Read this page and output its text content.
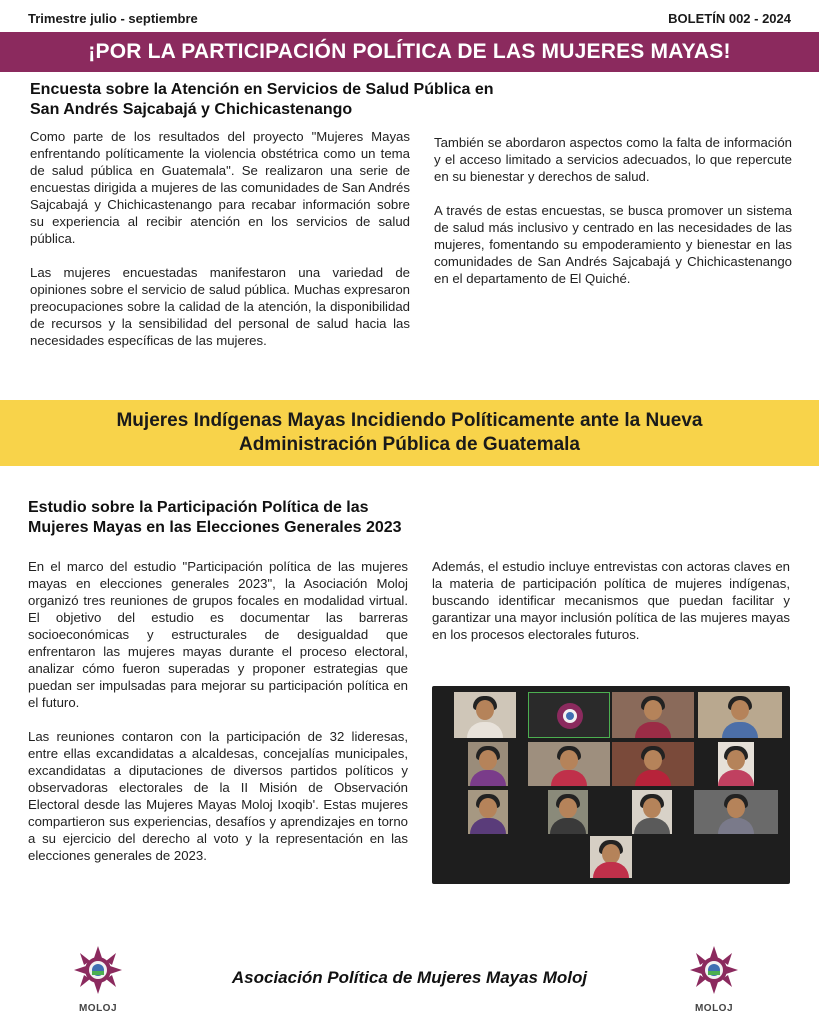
Trimestre julio - septiembre	BOLETÍN 002 - 2024
¡POR LA PARTICIPACIÓN POLÍTICA DE LAS MUJERES MAYAS!
Encuesta sobre la Atención en Servicios de Salud Pública en
San Andrés Sajcabajá y Chichicastenango

Como parte de los resultados del proyecto "Mujeres Mayas enfrentando políticamente la violencia obstétrica como un tema de salud pública en Guatemala". Se realizaron una serie de encuestas dirigida a mujeres de las comunidades de San Andrés Sajcabajá y Chichicastenango para recabar información sobre su experiencia al recibir atención en los servicios de salud pública.

Las mujeres encuestadas manifestaron una variedad de opiniones sobre el servicio de salud pública. Muchas expresaron preocupaciones sobre la calidad de la atención, la disponibilidad de recursos y la sensibilidad del personal de salud hacia las necesidades específicas de las mujeres.

También se abordaron aspectos como la falta de información y el acceso limitado a servicios adecuados, lo que repercute en su bienestar y derechos de salud.

A través de estas encuestas, se busca promover un sistema de salud más inclusivo y centrado en las necesidades de las mujeres, fomentando su empoderamiento y bienestar en las comunidades de San Andrés Sajcabajá y Chichicastenango en el departamento de El Quiché.

Mujeres Indígenas Mayas Incidiendo Políticamente ante la Nueva
Administración Pública de Guatemala
Estudio sobre la Participación Política de las
Mujeres Mayas en las Elecciones Generales 2023

En el marco del estudio "Participación política de las mujeres mayas en elecciones generales 2023", la Asociación Moloj organizó tres reuniones de grupos focales en modalidad virtual. El objetivo del estudio es documentar las barreras socioeconómicas y estructurales de desigualdad que enfrentaron las mujeres mayas durante el proceso electoral, analizar cómo fueron superadas y proponer estrategias que puedan ser impulsadas para mejorar su participación política en el futuro.

Las reuniones contaron con la participación de 32 lideresas, entre ellas excandidatas a alcaldesas, concejalías municipales, excandidatas a diputaciones de diversos partidos políticos y observadoras electorales de la II Misión de Observación Electoral desde las Mujeres Mayas Moloj Ixoqib'. Estas mujeres compartieron sus experiencias, desafíos y aprendizajes en torno a su ejercicio del derecho al voto y la representación en las elecciones generales de 2023.

Además, el estudio incluye entrevistas con actoras claves en la materia de participación política de mujeres indígenas, buscando identificar mecanismos que puedan facilitar y garantizar una mayor inclusión política de las mujeres mayas en los procesos electorales futuros.

MOLOJ
Asociación Política de Mujeres Mayas Moloj
MOLOJ
